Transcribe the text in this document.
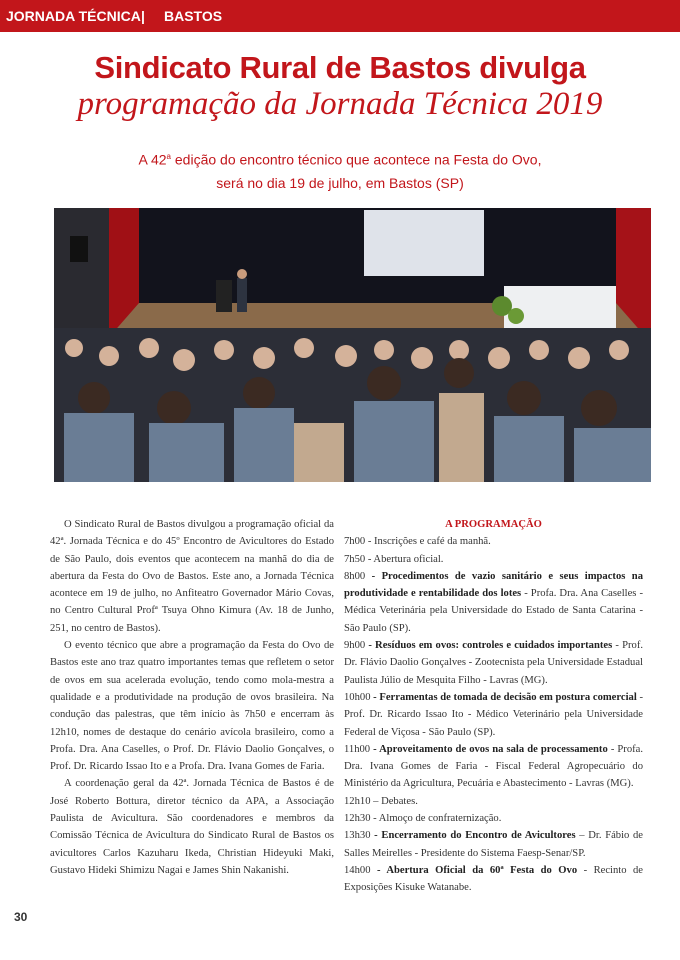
JORNADA TÉCNICA | BASTOS
Sindicato Rural de Bastos divulga
programação da Jornada Técnica 2019
A 42$^a$ edição do encontro técnico que acontece na Festa do Ovo,
será no dia 19 de julho, em Bastos (SP)

O Sindicato Rural de Bastos divulgou a programação oficial da 42ª. Jornada Técnica e do 45º Encontro de Avicultores do Estado de São Paulo, dois eventos que acontecem na manhã do dia de abertura da Festa do Ovo de Bastos. Este ano, a Jornada Técnica acontece em 19 de julho, no Anfiteatro Governador Mário Covas, no Centro Cultural Profª Tsuya Ohno Kimura (Av. 18 de Junho, 251, no centro de Bastos).

O evento técnico que abre a programação da Festa do Ovo de Bastos este ano traz quatro importantes temas que refletem o setor de ovos em sua acelerada evolução, tendo como mola-mestra a qualidade e a produtividade na produção de ovos brasileira. Na condução das palestras, que têm início às 7h50 e encerram às 12h10, nomes de destaque do cenário avícola brasileiro, como a Profa. Dra. Ana Caselles, o Prof. Dr. Flávio Daolio Gonçalves, o Prof. Dr. Ricardo Issao Ito e a Profa. Dra. Ivana Gomes de Faria.

A coordenação geral da 42ª. Jornada Técnica de Bastos é de José Roberto Bottura, diretor técnico da APA, a Associação Paulista de Avicultura. São coordenadores e membros da Comissão Técnica de Avicultura do Sindicato Rural de Bastos os avicultores Carlos Kazuharu Ikeda, Christian Hideyuki Maki, Gustavo Hideki Shimizu Nagai e James Shin Nakanishi.

A PROGRAMAÇÃO

7h00 - Inscrições e café da manhã.

7h50 - Abertura oficial.

8h00 - Procedimentos de vazio sanitário e seus impactos na produtividade e rentabilidade dos lotes - Profa. Dra. Ana Caselles - Médica Veterinária pela Universidade do Estado de Santa Catarina - São Paulo (SP).

9h00 - Resíduos em ovos: controles e cuidados importantes - Prof. Dr. Flávio Daolio Gonçalves - Zootecnista pela Universidade Estadual Paulista Júlio de Mesquita Filho - Lavras (MG).

10h00 - Ferramentas de tomada de decisão em postura comercial - Prof. Dr. Ricardo Issao Ito - Médico Veterinário pela Universidade Federal de Viçosa - São Paulo (SP).

11h00 - Aproveitamento de ovos na sala de processamento - Profa. Dra. Ivana Gomes de Faria - Fiscal Federal Agropecuário do Ministério da Agricultura, Pecuária e Abastecimento - Lavras (MG).

12h10 – Debates.

12h30 - Almoço de confraternização.

13h30 - Encerramento do Encontro de Avicultores – Dr. Fábio de Salles Meirelles - Presidente do Sistema Faesp-Senar/SP.

14h00 - Abertura Oficial da 60ª Festa do Ovo - Recinto de Exposições Kisuke Watanabe.

30
